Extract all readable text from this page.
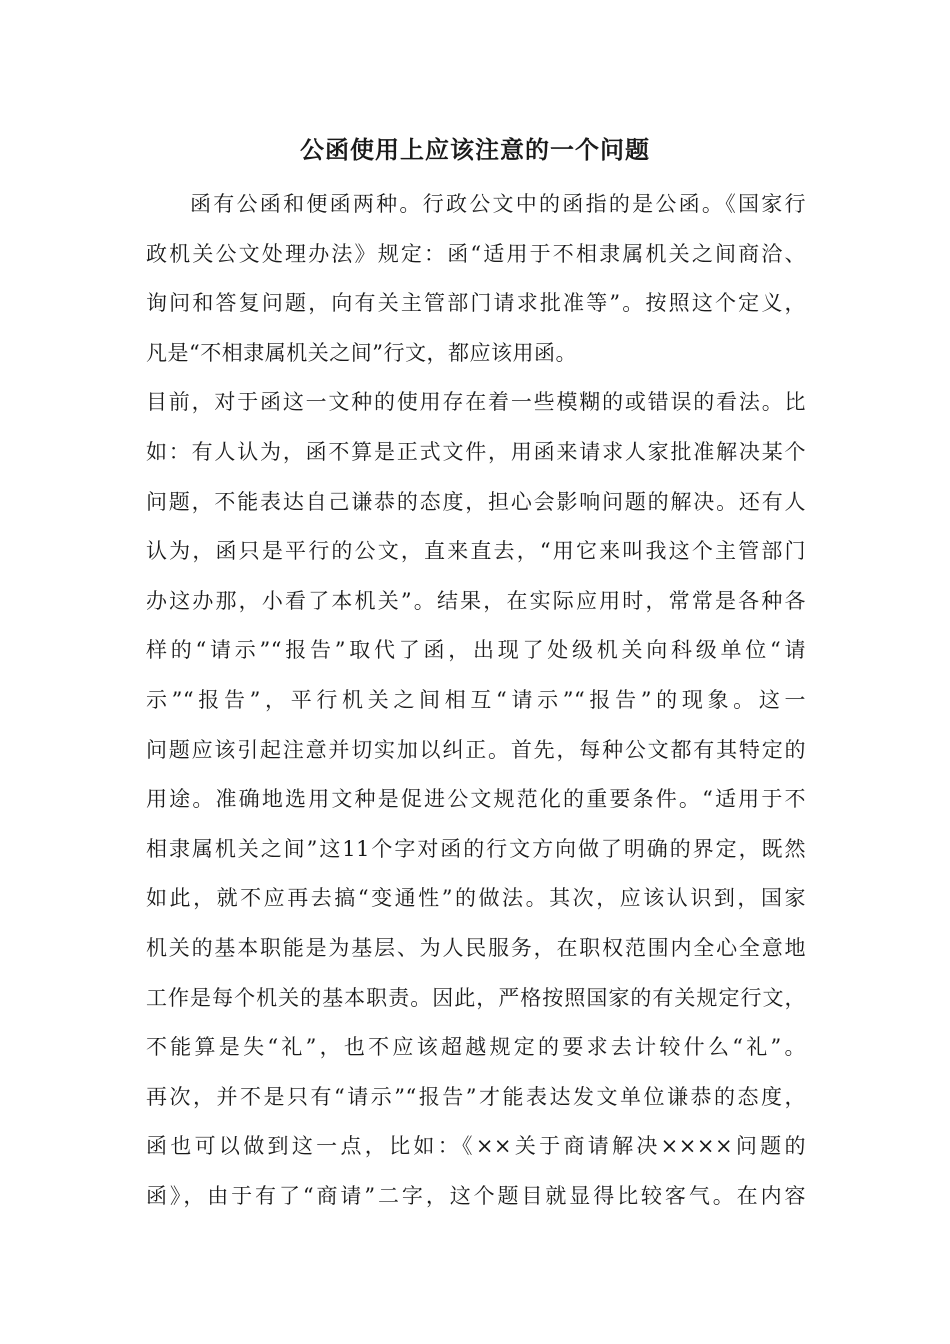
公函使用上应该注意的一个问题
函有公函和便函两种。行政公文中的函指的是公函。《国家行
政机关公文处理办法》规定：函“适用于不相隶属机关之间商洽、
询问和答复问题，向有关主管部门请求批准等”。按照这个定义，
凡是“不相隶属机关之间”行文，都应该用函。
目前，对于函这一文种的使用存在着一些模糊的或错误的看法。比
如：有人认为，函不算是正式文件，用函来请求人家批准解决某个
问题，不能表达自己谦恭的态度，担心会影响问题的解决。还有人
认为，函只是平行的公文，直来直去，“用它来叫我这个主管部门
办这办那，小看了本机关”。结果，在实际应用时，常常是各种各
样的“请示”“报告”取代了函，出现了处级机关向科级单位“请
示”“报告”，平行机关之间相互“请示”“报告”的现象。这一
问题应该引起注意并切实加以纠正。首先，每种公文都有其特定的
用途。准确地选用文种是促进公文规范化的重要条件。“适用于不
相隶属机关之间”这11个字对函的行文方向做了明确的界定，既然
如此，就不应再去搞“变通性”的做法。其次，应该认识到，国家
机关的基本职能是为基层、为人民服务，在职权范围内全心全意地
工作是每个机关的基本职责。因此，严格按照国家的有关规定行文，
不能算是失“礼”，也不应该超越规定的要求去计较什么“礼”。
再次，并不是只有“请示”“报告”才能表达发文单位谦恭的态度，
函也可以做到这一点，比如：《××关于商请解决××××问题的
函》，由于有了“商请”二字，这个题目就显得比较客气。在内容
